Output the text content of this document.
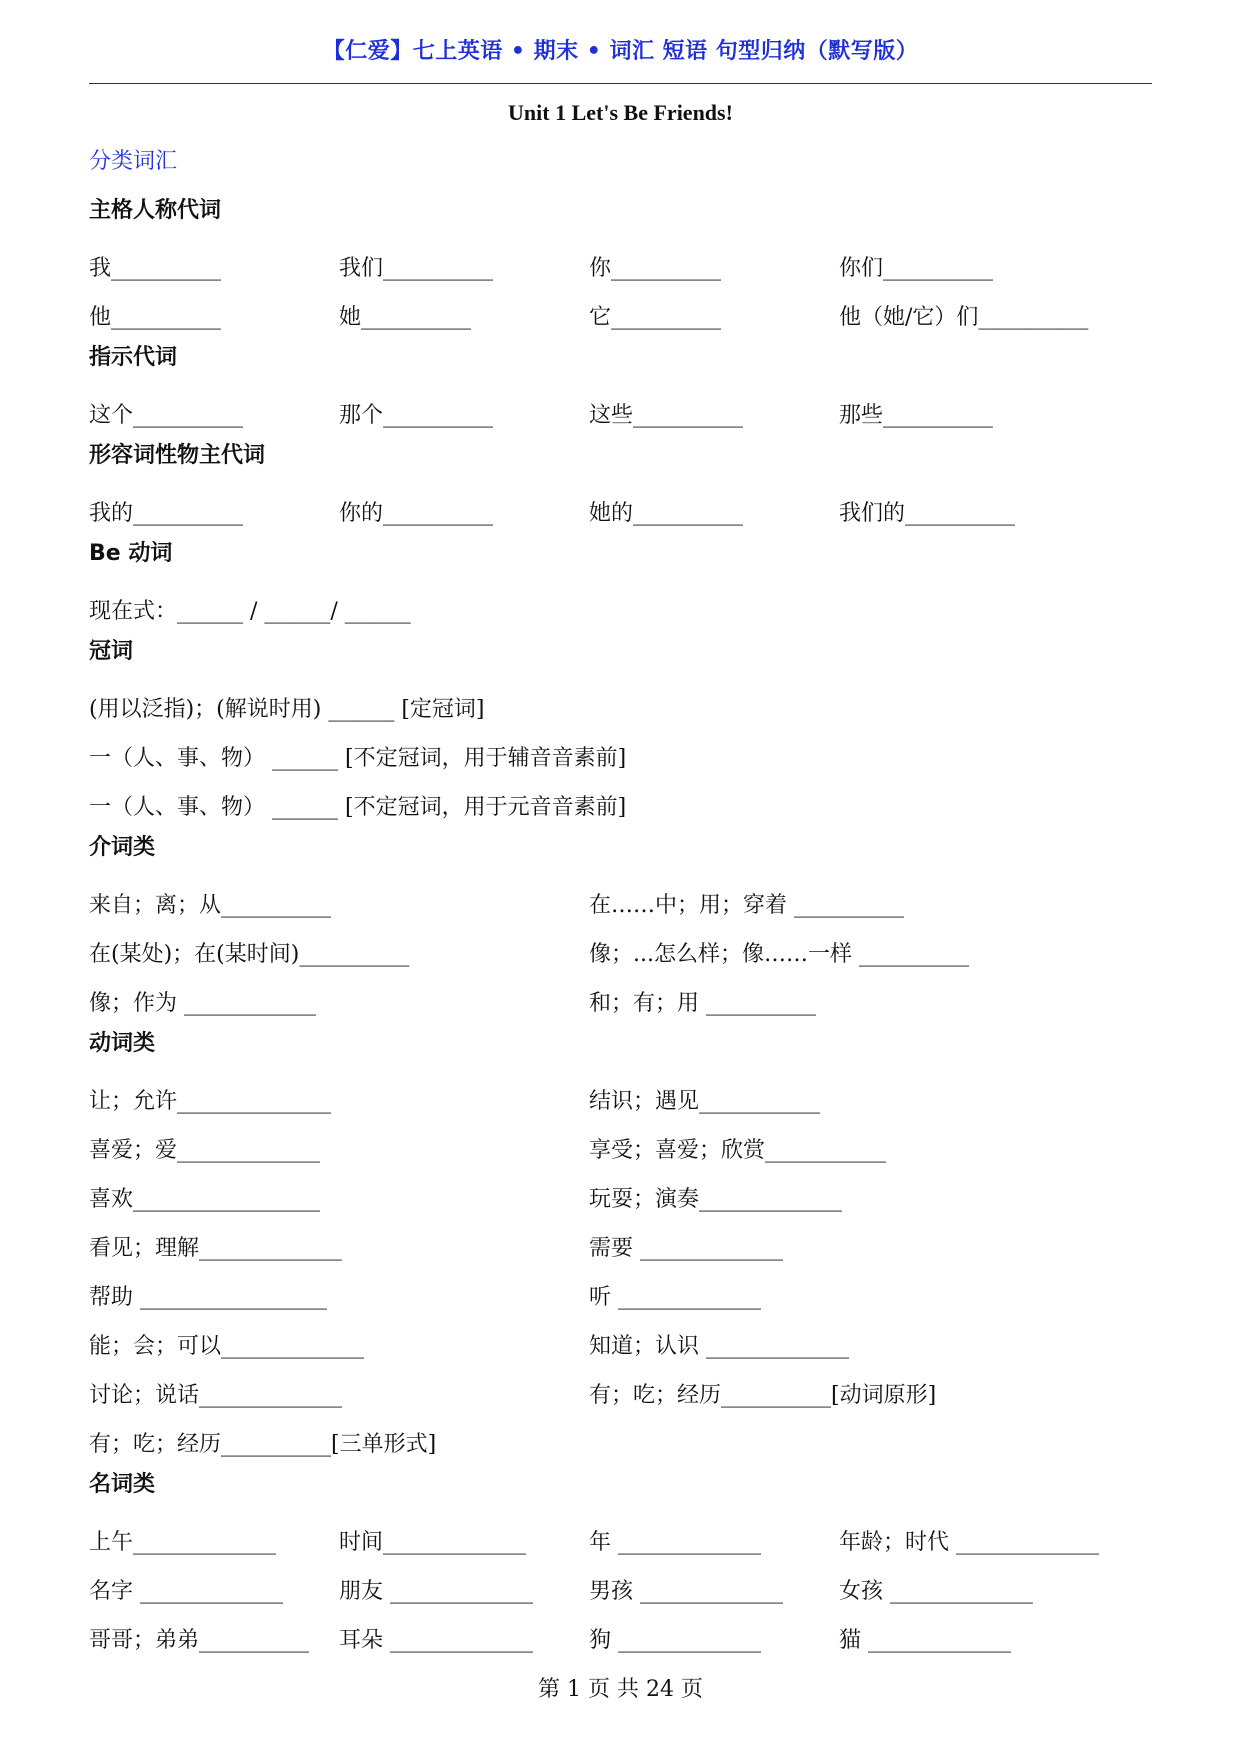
【仁爱】七上英语 • 期末 • 词汇 短语 句型归纳（默写版）
Unit 1 Let's Be Friends!
分类词汇
主格人称代词
我__________	我们__________	你__________	你们__________
他__________	她__________	它__________	他（她/它）们__________
指示代词
这个__________	那个__________	这些__________	那些__________
形容词性物主代词
我的__________	你的__________	她的__________	我们的__________
Be 动词
现在式：______ / ______/ ______
冠词
(用以泛指)；(解说时用) ______ [定冠词]
一（人、事、物） ______ [不定冠词，用于辅音音素前]
一（人、事、物） ______ [不定冠词，用于元音音素前]
介词类
来自；离；从__________	在……中；用；穿着 __________
在(某处)；在(某时间)__________	像；...怎么样；像……一样 __________
像；作为 ____________	和；有；用 __________
动词类
让；允许______________	结识；遇见___________
喜爱；爱_____________	享受；喜爱；欣赏___________
喜欢_________________	玩耍；演奏_____________
看见；理解_____________	需要 _____________
帮助 _________________	听 _____________
能；会；可以_____________	知道；认识 _____________
讨论；说话_____________	有；吃；经历__________[动词原形]
有；吃；经历__________[三单形式]
名词类
上午_____________	时间_____________	年 _____________	年龄；时代 _____________
名字 _____________	朋友 _____________	男孩 _____________	女孩 _____________
哥哥；弟弟__________	耳朵 _____________	狗 _____________	猫 _____________
第 1 页 共 24 页
